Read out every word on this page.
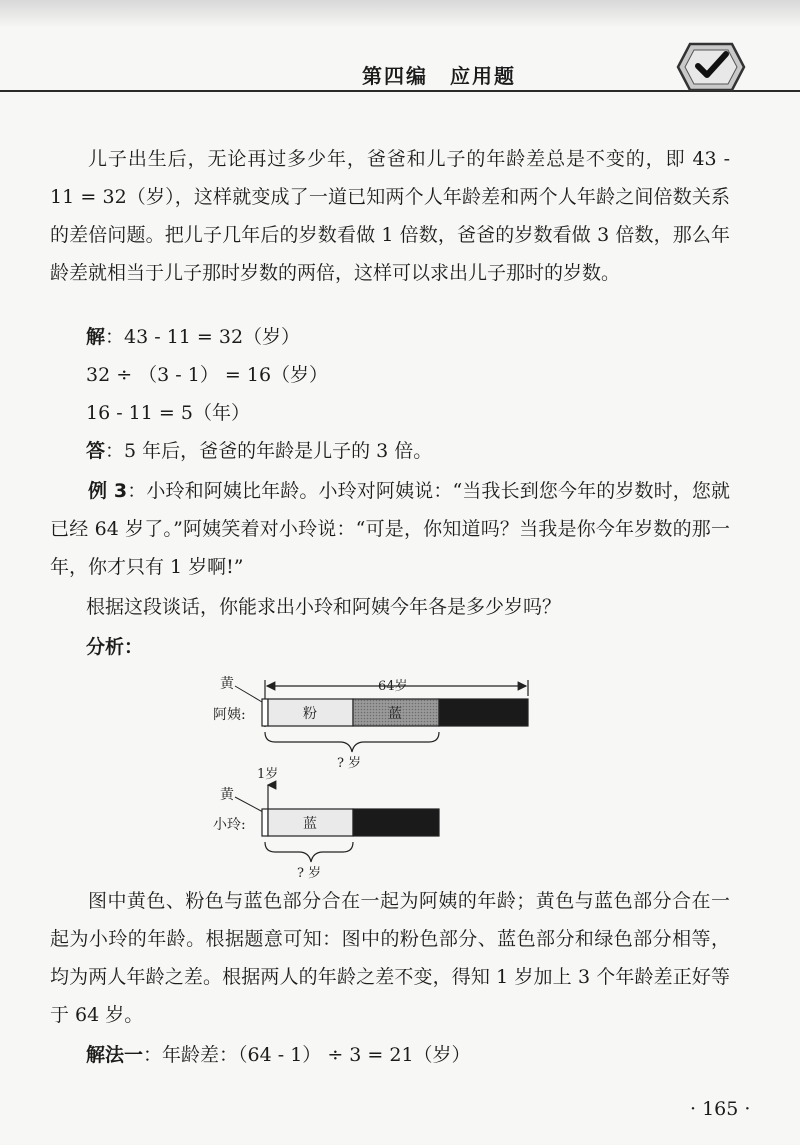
第四编　应用题

儿子出生后，无论再过多少年，爸爸和儿子的年龄差总是不变的，即 43 - 11 = 32（岁），这样就变成了一道已知两个人年龄差和两个人年龄之间倍数关系的差倍问题。把儿子几年后的岁数看做 1 倍数，爸爸的岁数看做 3 倍数，那么年龄差就相当于儿子那时岁数的两倍，这样可以求出儿子那时的岁数。

解：43 - 11 = 32（岁）
32 ÷ （3 - 1） = 16（岁）
16 - 11 = 5（年）
答：5 年后，爸爸的年龄是儿子的 3 倍。

例 3：小玲和阿姨比年龄。小玲对阿姨说：“当我长到您今年的岁数时，您就已经 64 岁了。”阿姨笑着对小玲说：“可是，你知道吗？当我是你今年岁数的那一年，你才只有 1 岁啊!”

根据这段谈话，你能求出小玲和阿姨今年各是多少岁吗？
分析：
64岁
黄
阿姨:	粉	蓝
? 岁
1岁
黄
小玲:	蓝
? 岁

图中黄色、粉色与蓝色部分合在一起为阿姨的年龄；黄色与蓝色部分合在一起为小玲的年龄。根据题意可知：图中的粉色部分、蓝色部分和绿色部分相等，均为两人年龄之差。根据两人的年龄之差不变，得知 1 岁加上 3 个年龄差正好等于 64 岁。

解法一：年龄差：（64 - 1） ÷ 3 = 21（岁）
· 165 ·
